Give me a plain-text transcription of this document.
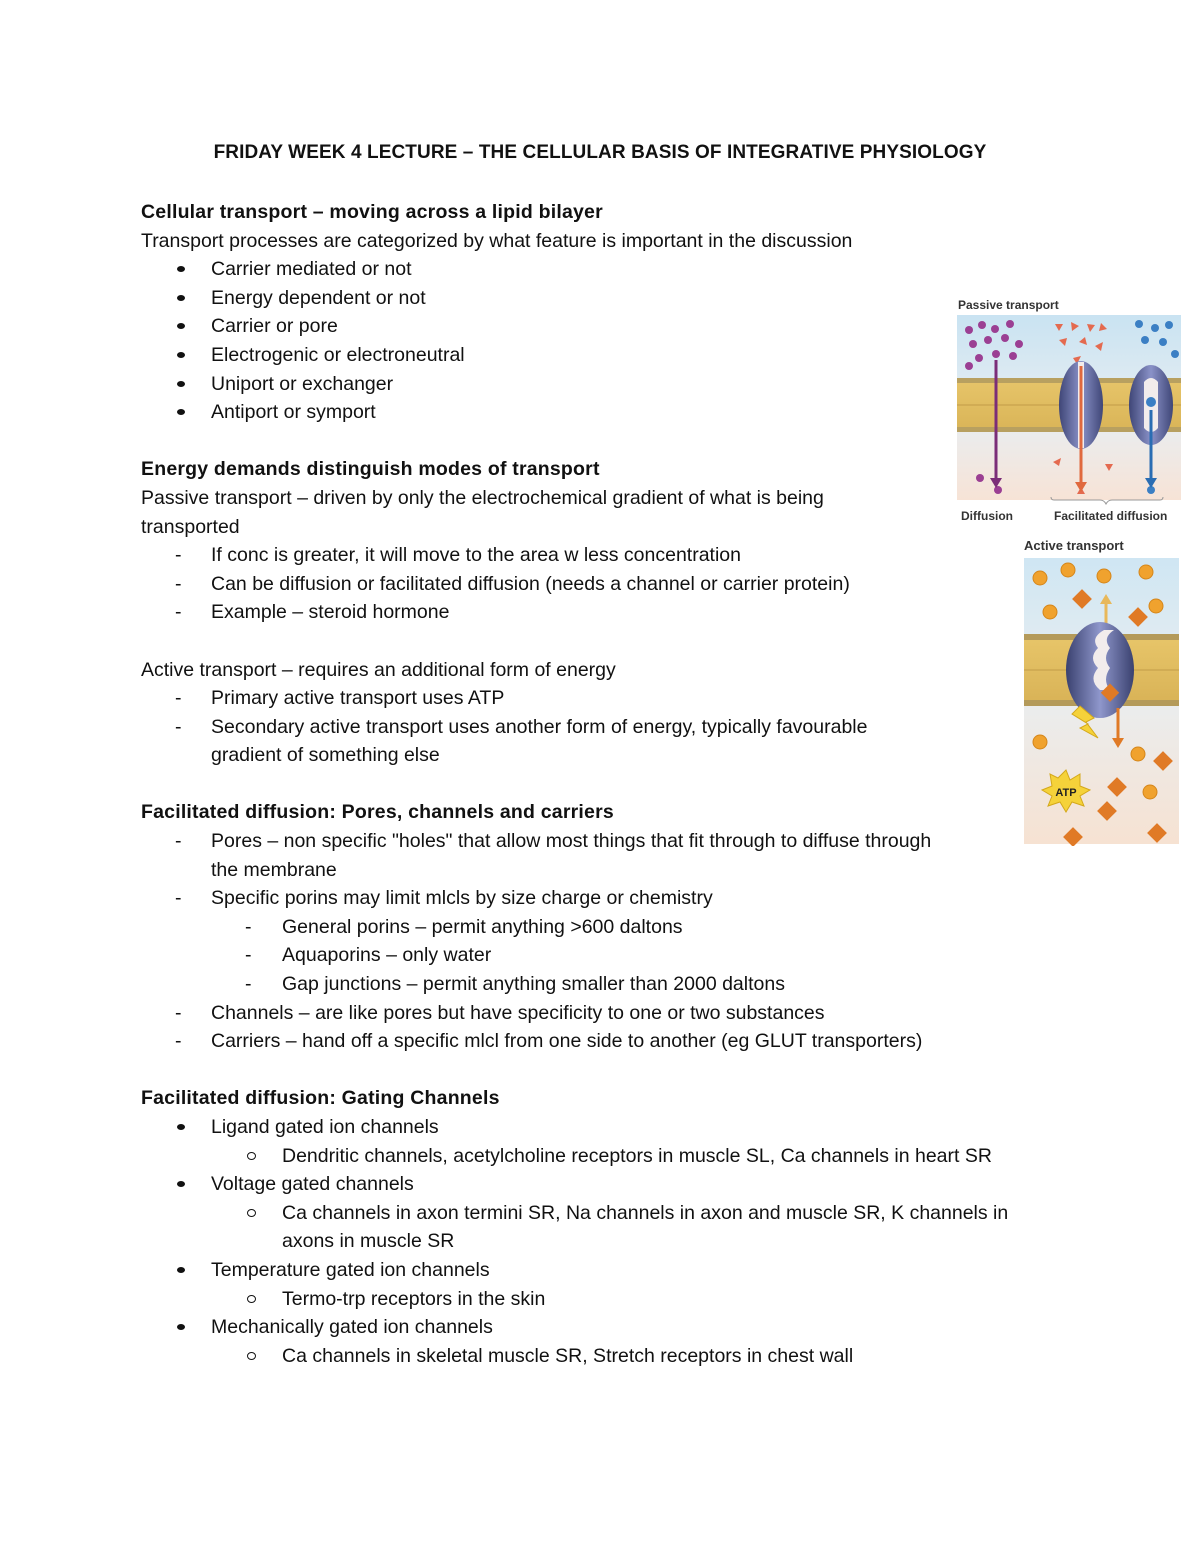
FRIDAY WEEK 4 LECTURE – THE CELLULAR BASIS OF INTEGRATIVE PHYSIOLOGY
Cellular transport – moving across a lipid bilayer
Transport processes are categorized by what feature is important in the discussion
Carrier mediated or not
Energy dependent or not
Carrier or pore
Electrogenic or electroneutral
Uniport or exchanger
Antiport or symport
Energy demands distinguish modes of transport
Passive transport – driven by only the electrochemical gradient of what is being transported
- If conc is greater, it will move to the area w less concentration
- Can be diffusion or facilitated diffusion (needs a channel or carrier protein)
- Example – steroid hormone
Active transport – requires an additional form of energy
- Primary active transport uses ATP
- Secondary active transport uses another form of energy, typically favourable gradient of something else
Facilitated diffusion: Pores, channels and carriers
- Pores – non specific "holes" that allow most things that fit through to diffuse through the membrane
- Specific porins may limit mlcls by size charge or chemistry
- General porins – permit anything >600 daltons
- Aquaporins – only water
- Gap junctions – permit anything smaller than 2000 daltons
- Channels – are like pores but have specificity to one or two substances
- Carriers – hand off a specific mlcl from one side to another (eg GLUT transporters)
Facilitated diffusion: Gating Channels
Ligand gated ion channels
Dendritic channels, acetylcholine receptors in muscle SL, Ca channels in heart SR
Voltage gated channels
Ca channels in axon termini SR, Na channels in axon and muscle SR, K channels in axons in muscle SR
Temperature gated ion channels
Termo-trp receptors in the skin
Mechanically gated ion channels
Ca channels in skeletal muscle SR, Stretch receptors in chest wall
Passive transport
Diffusion	Facilitated diffusion
Active transport
ATP
